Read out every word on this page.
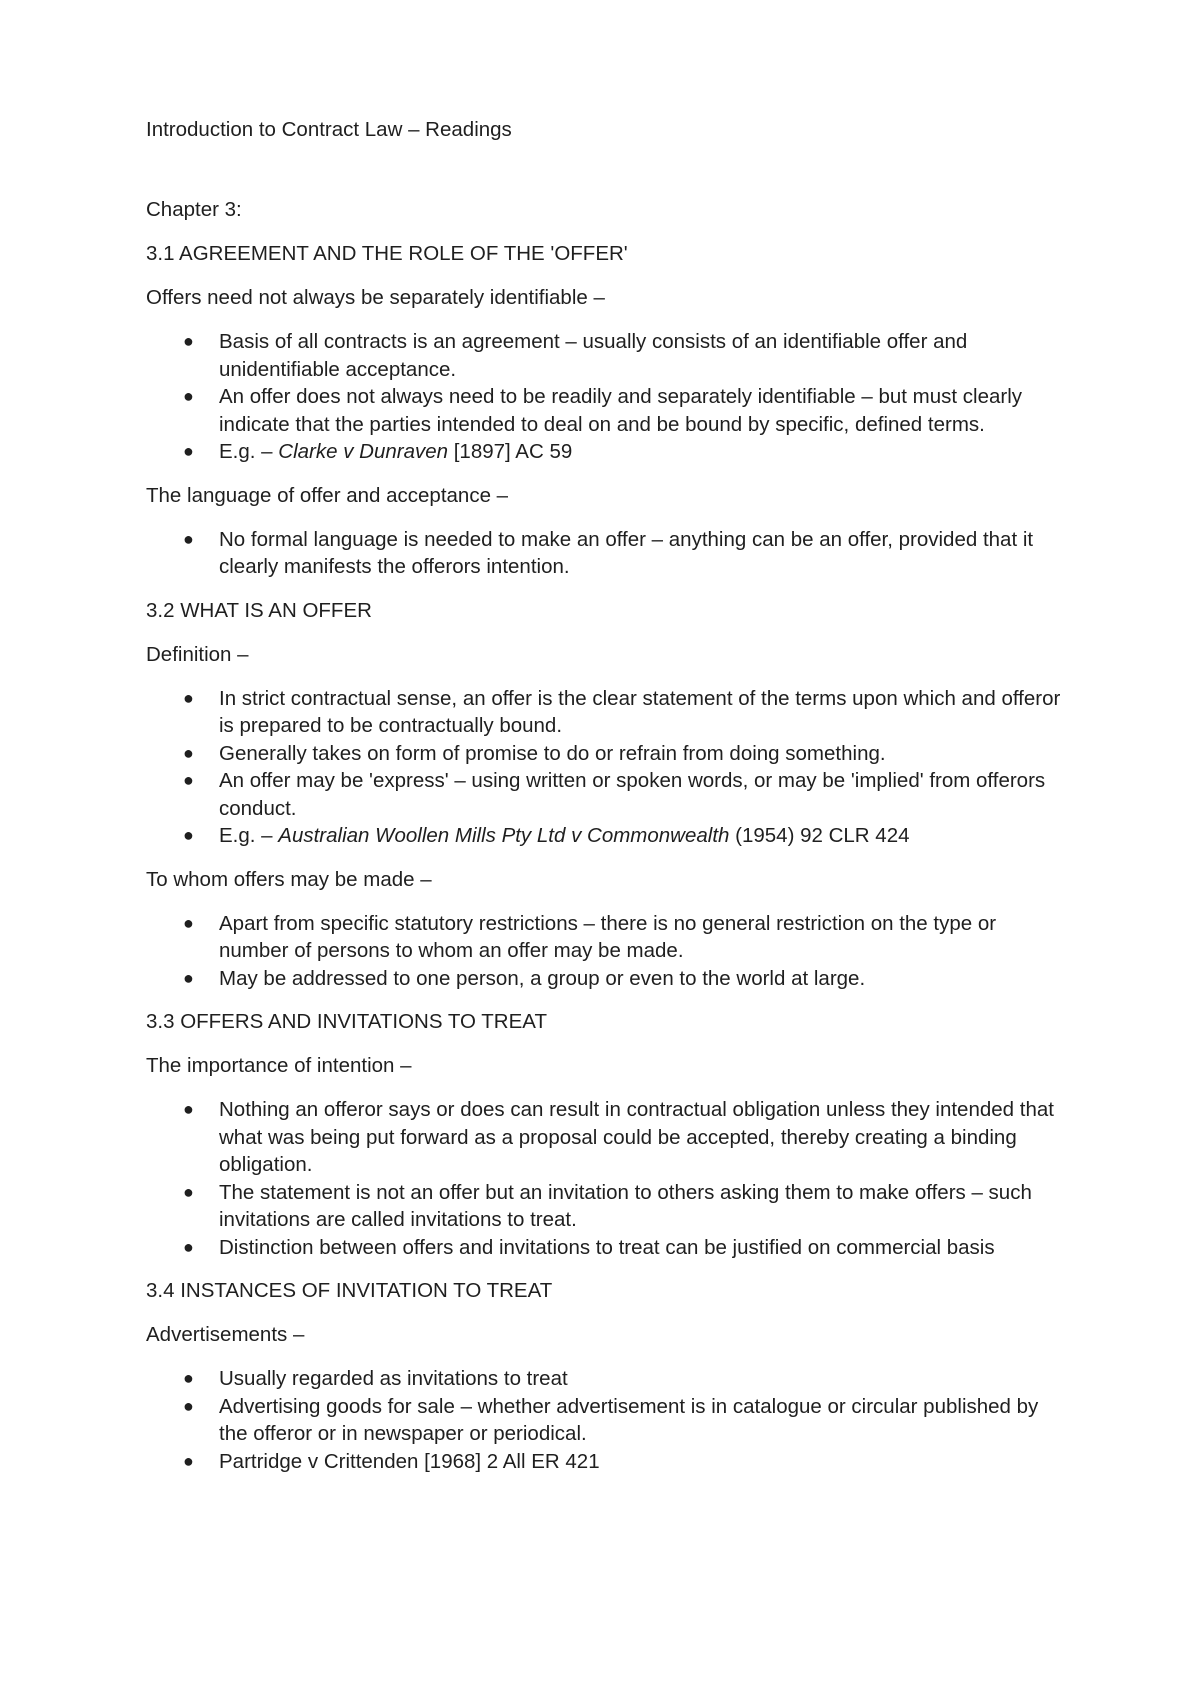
Introduction to Contract Law – Readings

Chapter 3:

3.1 AGREEMENT AND THE ROLE OF THE 'OFFER'

Offers need not always be separately identifiable –

● Basis of all contracts is an agreement – usually consists of an identifiable offer and unidentifiable acceptance.
● An offer does not always need to be readily and separately identifiable – but must clearly indicate that the parties intended to deal on and be bound by specific, defined terms.
● E.g. – Clarke v Dunraven [1897] AC 59

The language of offer and acceptance –

● No formal language is needed to make an offer – anything can be an offer, provided that it clearly manifests the offerors intention.

3.2 WHAT IS AN OFFER

Definition –

● In strict contractual sense, an offer is the clear statement of the terms upon which and offeror is prepared to be contractually bound.
● Generally takes on form of promise to do or refrain from doing something.
● An offer may be 'express' – using written or spoken words, or may be 'implied' from offerors conduct.
● E.g. – Australian Woollen Mills Pty Ltd v Commonwealth (1954) 92 CLR 424

To whom offers may be made –

● Apart from specific statutory restrictions – there is no general restriction on the type or number of persons to whom an offer may be made.
● May be addressed to one person, a group or even to the world at large.

3.3 OFFERS AND INVITATIONS TO TREAT

The importance of intention –

● Nothing an offeror says or does can result in contractual obligation unless they intended that what was being put forward as a proposal could be accepted, thereby creating a binding obligation.
● The statement is not an offer but an invitation to others asking them to make offers – such invitations are called invitations to treat.
● Distinction between offers and invitations to treat can be justified on commercial basis

3.4 INSTANCES OF INVITATION TO TREAT

Advertisements –

● Usually regarded as invitations to treat
● Advertising goods for sale – whether advertisement is in catalogue or circular published by the offeror or in newspaper or periodical.
● Partridge v Crittenden [1968] 2 All ER 421
